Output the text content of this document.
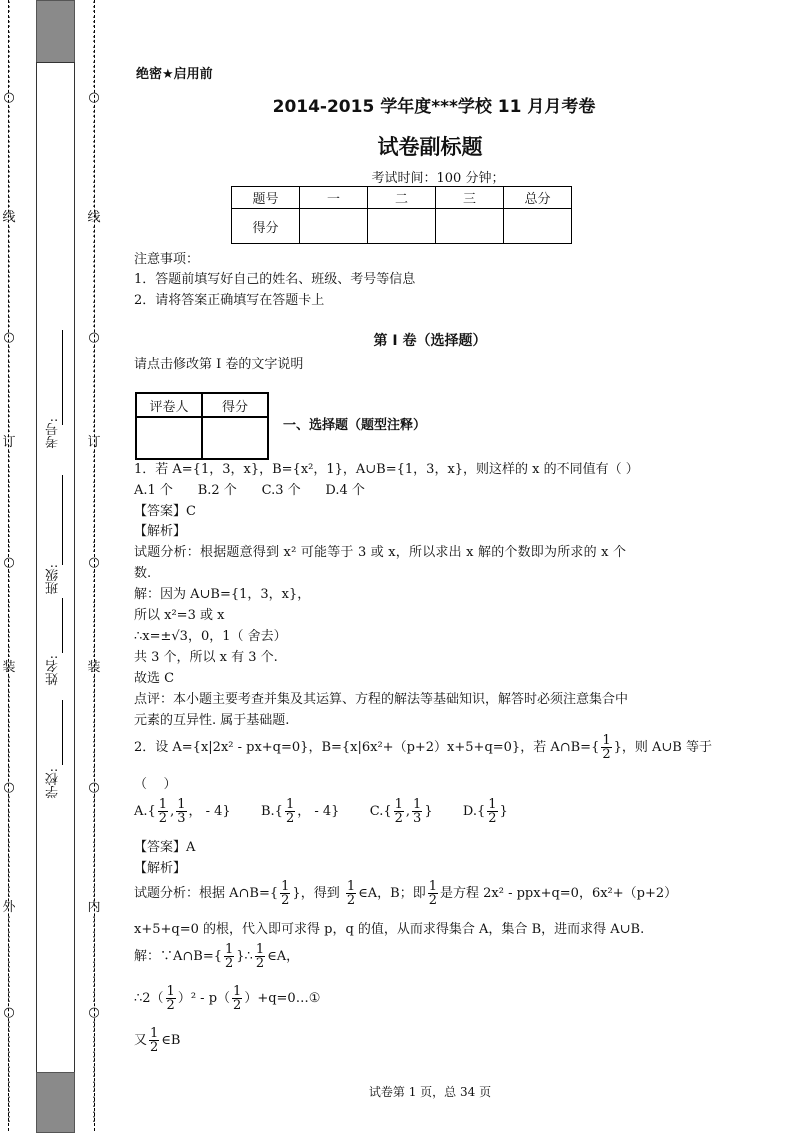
⋮
⋮
⋮
⋮
⋮
⋮
○
⋮
⋮
⋮
⋮
⋮
⋮
⋮
线
⋮
⋮
⋮
⋮
⋮
⋮
⋮
○
⋮
⋮
⋮
⋮
⋮
⋮
订
⋮
⋮
⋮
⋮
⋮
⋮
⋮
○
⋮
⋮
⋮
⋮
⋮
⋮
装
⋮
⋮
⋮
⋮
⋮
⋮
⋮
○
⋮
⋮
⋮
⋮
⋮
⋮
⋮
外
⋮
⋮
⋮
⋮
⋮
⋮
○
⋮
⋮
⋮
⋮
⋮
⋮
⋮
⋮
⋮
⋮
⋮
⋮
⋮
○
⋮
⋮
⋮
⋮
⋮
⋮
⋮
线
⋮
⋮
⋮
⋮
⋮
⋮
⋮
○
⋮
⋮
⋮
⋮
⋮
⋮
订
⋮
⋮
⋮
⋮
⋮
⋮
⋮
○
⋮
⋮
⋮
⋮
⋮
⋮
装
⋮
⋮
⋮
⋮
⋮
⋮
⋮
○
⋮
⋮
⋮
⋮
⋮
⋮
⋮
内
⋮
⋮
⋮
⋮
⋮
⋮
○
⋮
⋮
⋮
⋮
⋮
⋮
⋮
考号:
班级:
姓名:
学校:
绝密★启用前
2014-2015 学年度***学校 11 月月考卷
试卷副标题
考试时间：100 分钟；
题号	一	二	三	总分
得分				
注意事项：
1．答题前填写好自己的姓名、班级、考号等信息
2．请将答案正确填写在答题卡上
第 I 卷（选择题）
请点击修改第 I 卷的文字说明
评卷人	得分

一、选择题（题型注释）
1．若 A={1，3，x}，B={x²，1}，A∪B={1，3，x}，则这样的 x 的不同值有（ ）
A.1 个      B.2 个      C.3 个      D.4 个
【答案】C
【解析】
试题分析：根据题意得到 x² 可能等于 3 或 x，所以求出 x 解的个数即为所求的 x 个
数.
解：因为 A∪B={1，3，x}，
所以 x²=3 或 x
∴x=±√3，0，1（ 舍去）
共 3 个，所以 x 有 3 个.
故选 C
点评：本小题主要考查并集及其运算、方程的解法等基础知识，解答时必须注意集合中
元素的互异性. 属于基础题.
2．设 A={x|2x² - px+q=0}，B={x|6x²+（p+2）x+5+q=0}，若 A∩B={ $\frac{1}{2}$ }，则 A∪B 等于
（    ）
$A.\{ \frac{1}{2}$ , $\frac{1}{3}$ ， - 4} $B.\{ \frac{1}{2}$ ， - 4} $C.\{ \frac{1}{2}$ , $\frac{1}{3}$ } $D.\{ \frac{1}{2}$ }
【答案】A
【解析】
试题分析：根据 A∩B={ $\frac{1}{2}$ }，得到 $\frac{1}{2}$ ∈A，B；即 $\frac{1}{2}$ 是方程 2x² - ppx+q=0，6x²+（p+2）
x+5+q=0 的根，代入即可求得 p，q 的值，从而求得集合 A，集合 B，进而求得 A∪B.
解：∵A∩B={ $\frac{1}{2}$ }∴ $\frac{1}{2}$ ∈A，
∴2（ $\frac{1}{2} )^2 - p( \frac{1}{2}$ ）+q=0…①
又 $\frac{1}{2}$ ∈B
试卷第 1 页，总 34 页
